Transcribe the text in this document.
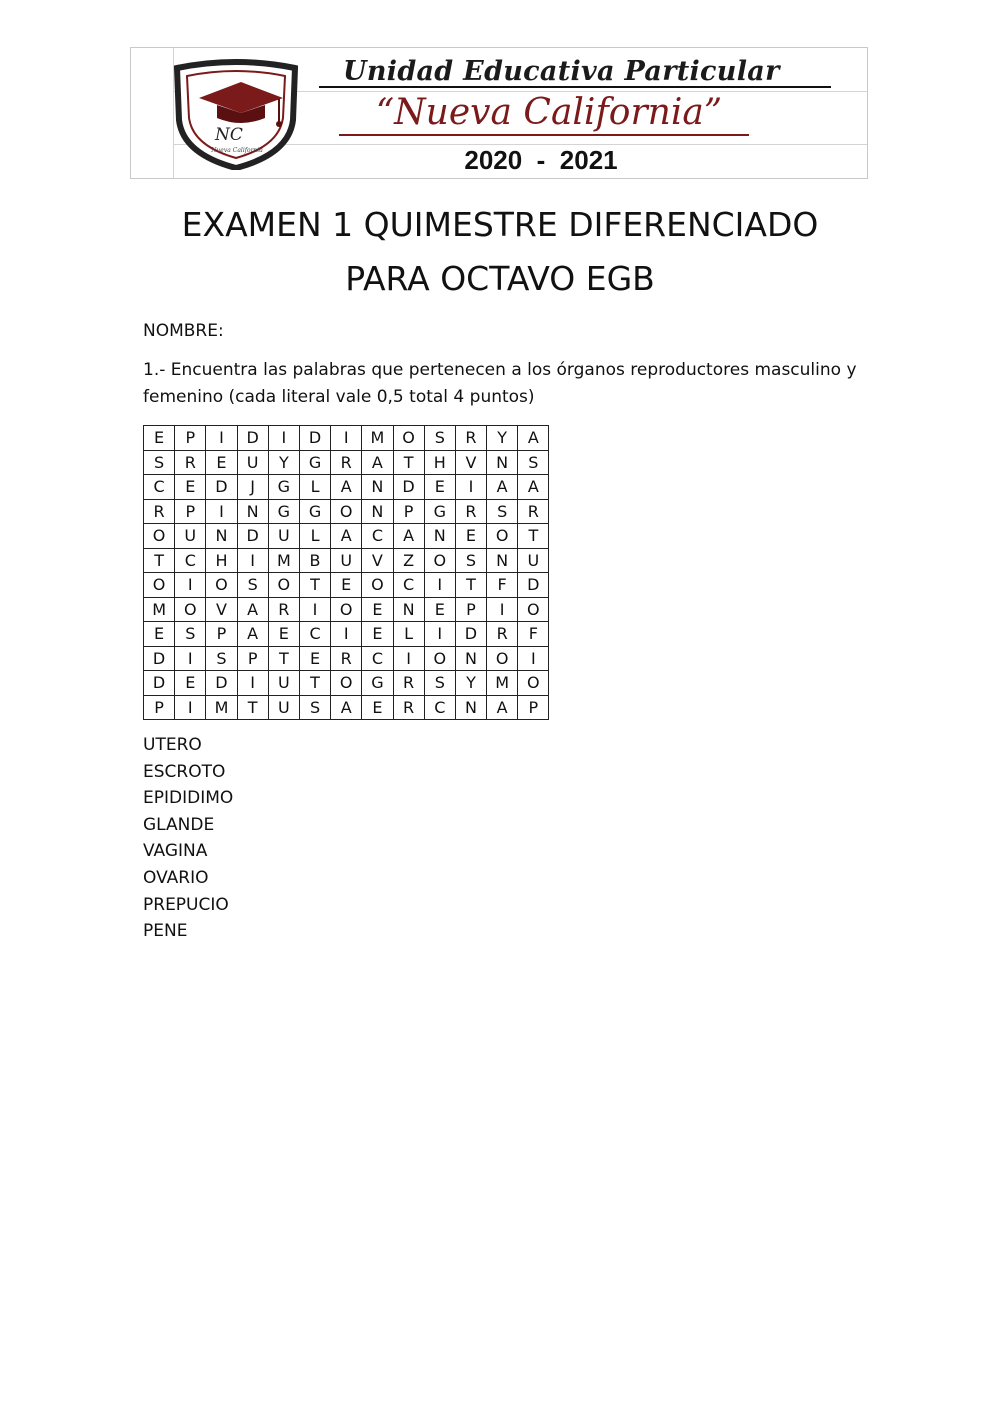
NC
Nueva California
Unidad Educativa Particular
“Nueva California”
2020  -  2021
EXAMEN 1 QUIMESTRE DIFERENCIADO
PARA OCTAVO EGB
NOMBRE:
1.- Encuentra las palabras que pertenecen a los órganos reproductores masculino y
femenino (cada literal vale 0,5 total 4 puntos)
E	P	I	D	I	D	I	M	O	S	R	Y	A
S	R	E	U	Y	G	R	A	T	H	V	N	S
C	E	D	J	G	L	A	N	D	E	I	A	A
R	P	I	N	G	G	O	N	P	G	R	S	R
O	U	N	D	U	L	A	C	A	N	E	O	T
T	C	H	I	M	B	U	V	Z	O	S	N	U
O	I	O	S	O	T	E	O	C	I	T	F	D
M	O	V	A	R	I	O	E	N	E	P	I	O
E	S	P	A	E	C	I	E	L	I	D	R	F
D	I	S	P	T	E	R	C	I	O	N	O	I
D	E	D	I	U	T	O	G	R	S	Y	M	O
P	I	M	T	U	S	A	E	R	C	N	A	P
UTERO
ESCROTO
EPIDIDIMO
GLANDE
VAGINA
OVARIO
PREPUCIO
PENE
